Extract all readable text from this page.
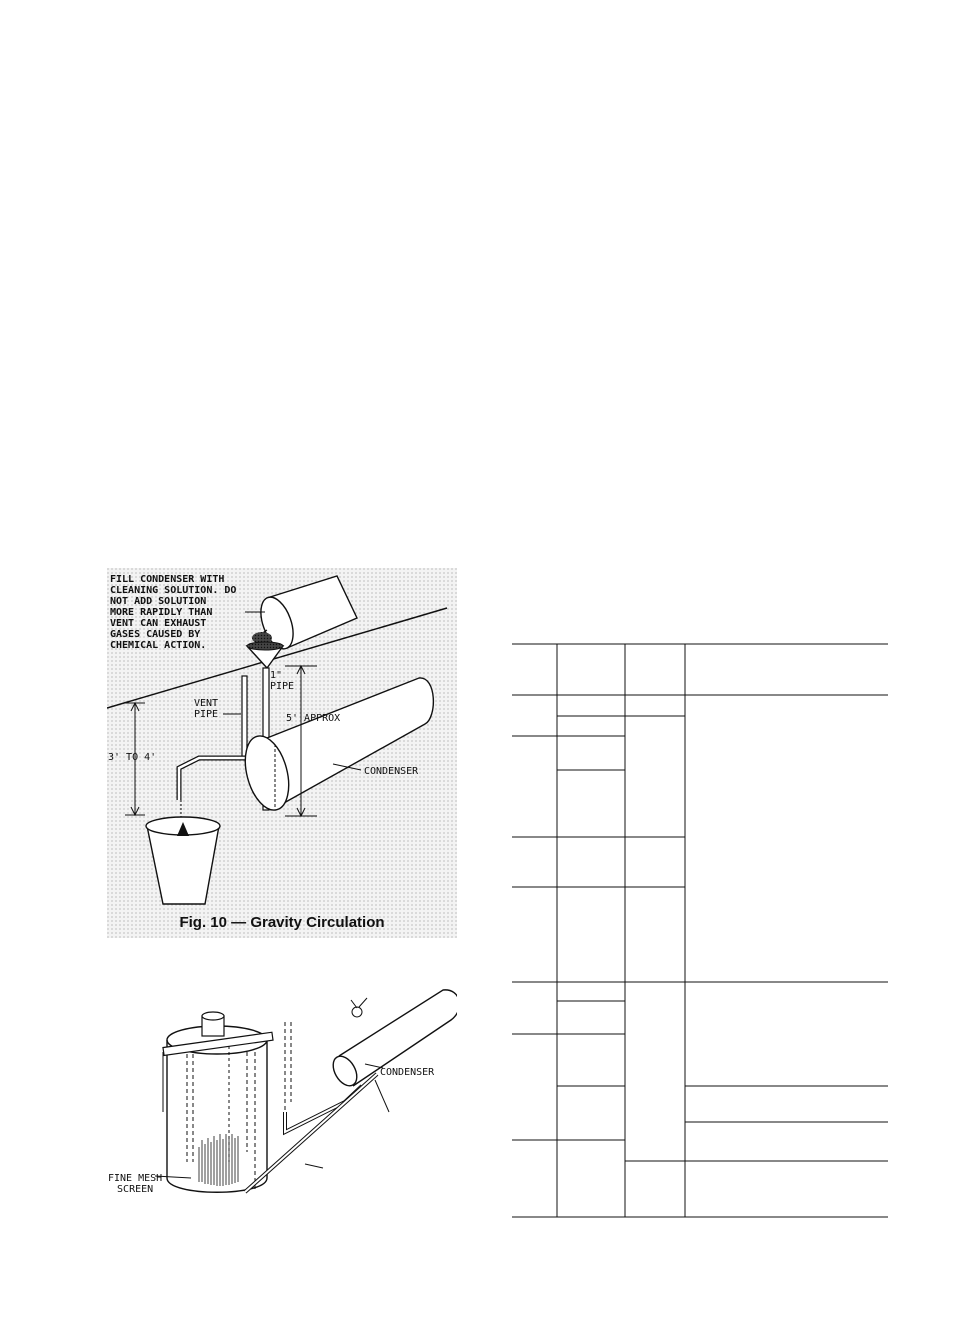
FILL CONDENSER WITH
CLEANING SOLUTION. DO
NOT ADD SOLUTION
MORE RAPIDLY THAN
VENT CAN EXHAUST
GASES CAUSED BY
CHEMICAL ACTION.
1"
PIPE
VENT
PIPE	5' APPROX
3' TO 4'
CONDENSER
Fig. 10 — Gravity Circulation
CONDENSER
FINE MESH
SCREEN
